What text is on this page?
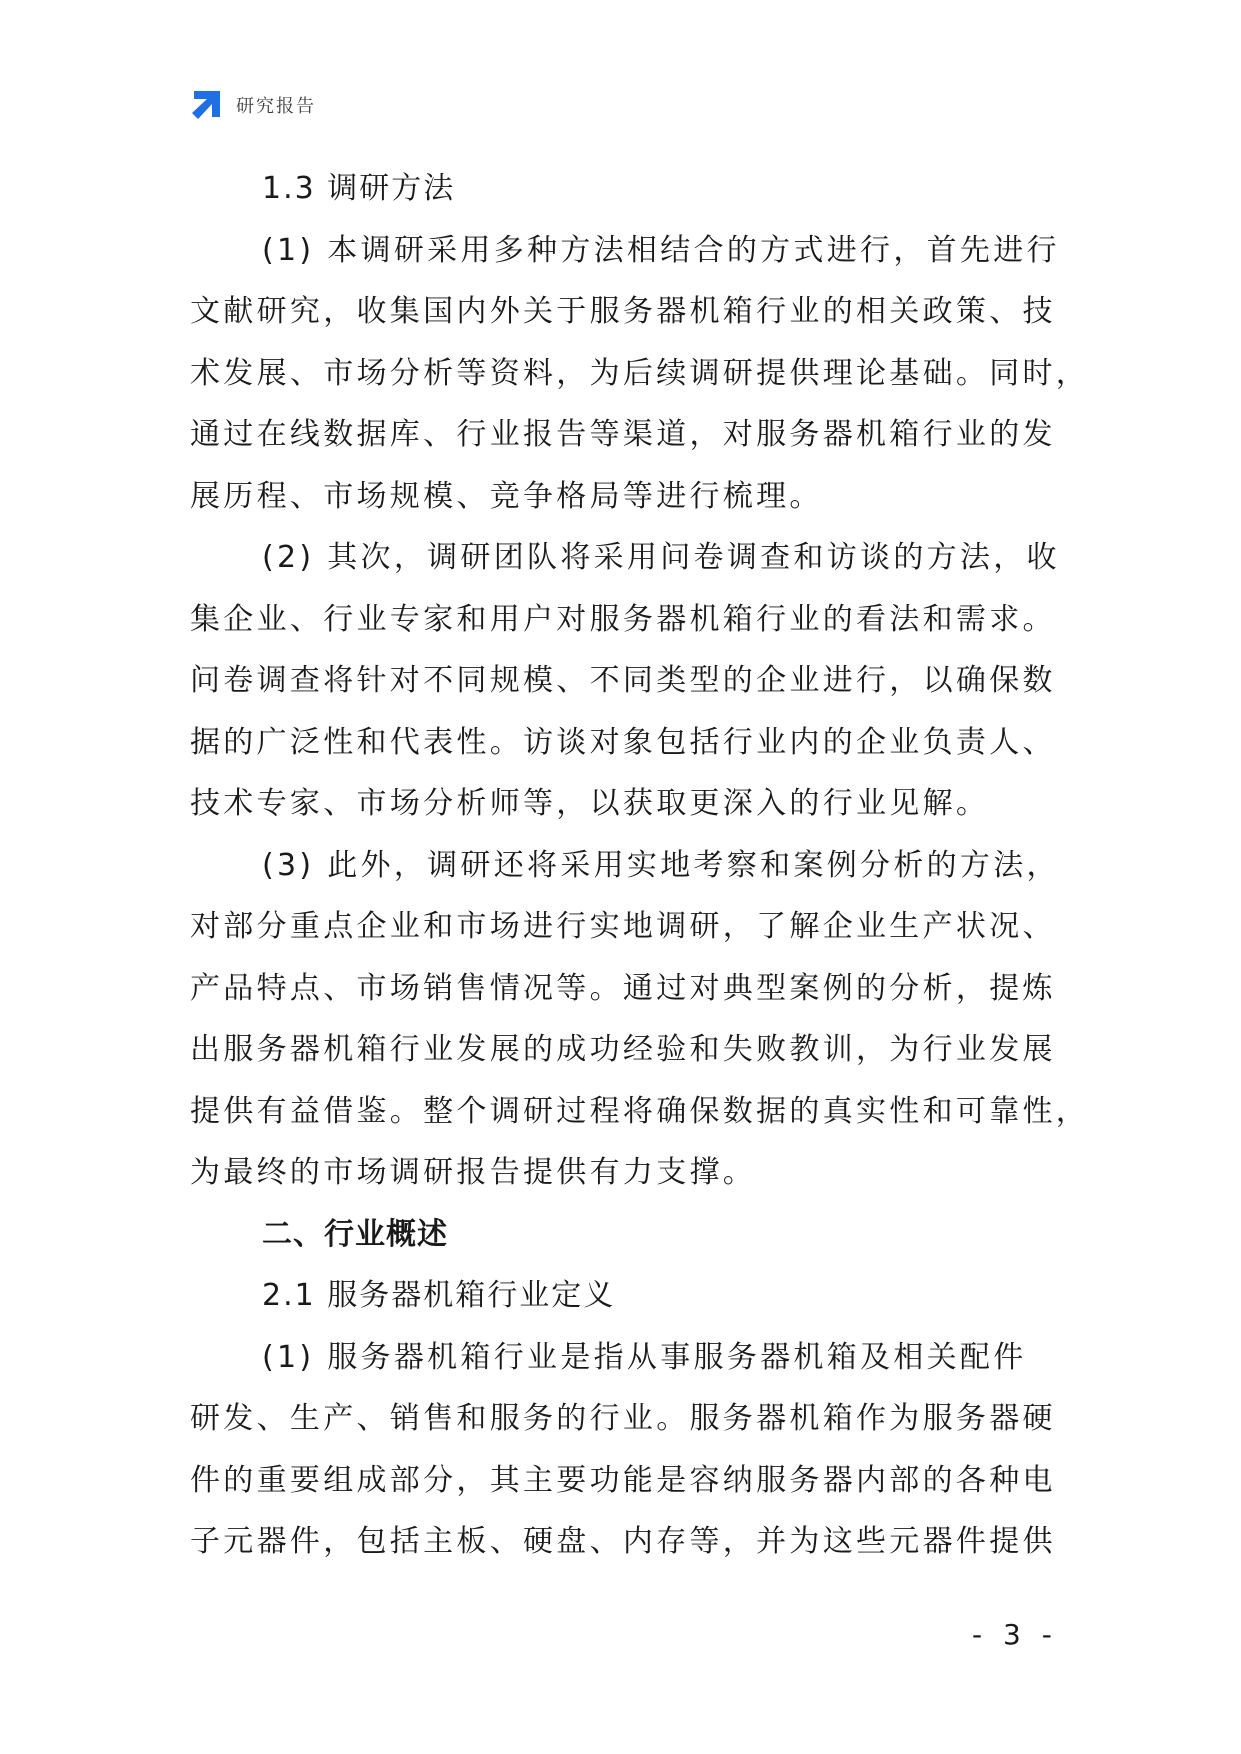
研究报告
1.3 调研方法
(1) 本调研采用多种方法相结合的方式进行，首先进行
文献研究，收集国内外关于服务器机箱行业的相关政策、技
术发展、市场分析等资料，为后续调研提供理论基础。同时，
通过在线数据库、行业报告等渠道，对服务器机箱行业的发
展历程、市场规模、竞争格局等进行梳理。
(2) 其次，调研团队将采用问卷调查和访谈的方法，收
集企业、行业专家和用户对服务器机箱行业的看法和需求。
问卷调查将针对不同规模、不同类型的企业进行，以确保数
据的广泛性和代表性。访谈对象包括行业内的企业负责人、
技术专家、市场分析师等，以获取更深入的行业见解。
(3) 此外，调研还将采用实地考察和案例分析的方法，
对部分重点企业和市场进行实地调研，了解企业生产状况、
产品特点、市场销售情况等。通过对典型案例的分析，提炼
出服务器机箱行业发展的成功经验和失败教训，为行业发展
提供有益借鉴。整个调研过程将确保数据的真实性和可靠性，
为最终的市场调研报告提供有力支撑。
二、行业概述
2.1 服务器机箱行业定义
(1) 服务器机箱行业是指从事服务器机箱及相关配件
研发、生产、销售和服务的行业。服务器机箱作为服务器硬
件的重要组成部分，其主要功能是容纳服务器内部的各种电
子元器件，包括主板、硬盘、内存等，并为这些元器件提供
- 3 -
